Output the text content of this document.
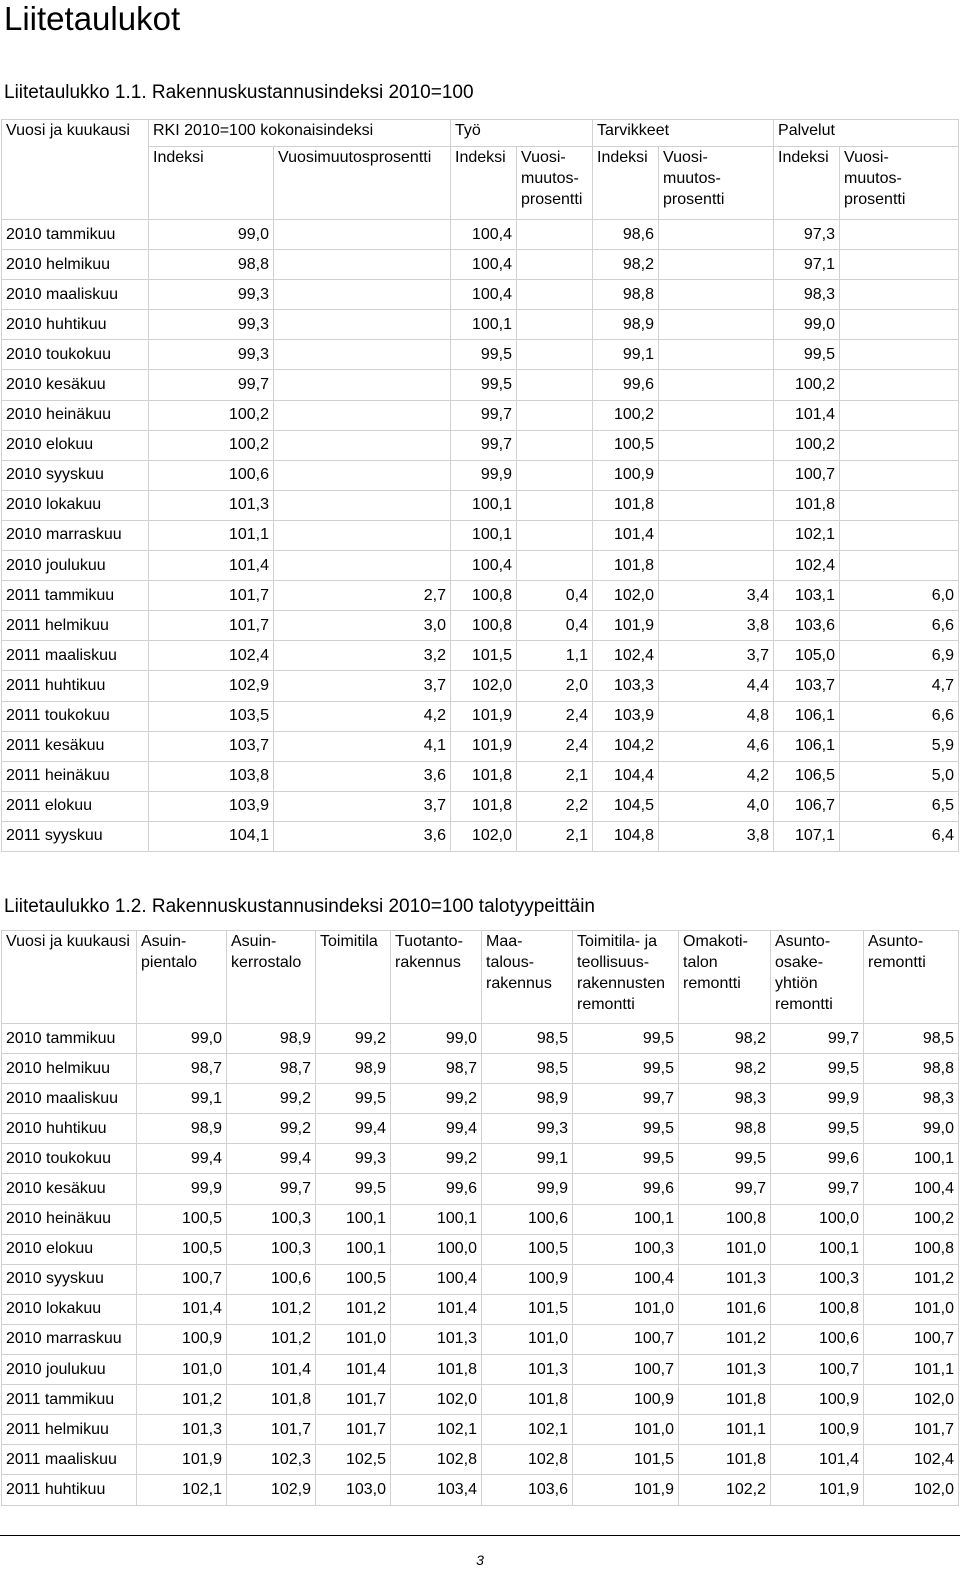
Liitetaulukot
Liitetaulukko 1.1. Rakennuskustannusindeksi 2010=100
Vuosi ja kuukausi	RKI 2010=100 kokonaisindeksi		Työ		Tarvikkeet		Palvelut	
	Indeksi	Vuosimuutosprosentti	Indeksi	Vuosi-
muutos-
prosentti	Indeksi	Vuosi-
muutos-
prosentti	Indeksi	Vuosi-
muutos-
prosentti
2010 tammikuu	99,0		100,4		98,6		97,3	
2010 helmikuu	98,8		100,4		98,2		97,1	
2010 maaliskuu	99,3		100,4		98,8		98,3	
2010 huhtikuu	99,3		100,1		98,9		99,0	
2010 toukokuu	99,3		99,5		99,1		99,5	
2010 kesäkuu	99,7		99,5		99,6		100,2	
2010 heinäkuu	100,2		99,7		100,2		101,4	
2010 elokuu	100,2		99,7		100,5		100,2	
2010 syyskuu	100,6		99,9		100,9		100,7	
2010 lokakuu	101,3		100,1		101,8		101,8	
2010 marraskuu	101,1		100,1		101,4		102,1	
2010 joulukuu	101,4		100,4		101,8		102,4	
2011 tammikuu	101,7	2,7	100,8	0,4	102,0	3,4	103,1	6,0
2011 helmikuu	101,7	3,0	100,8	0,4	101,9	3,8	103,6	6,6
2011 maaliskuu	102,4	3,2	101,5	1,1	102,4	3,7	105,0	6,9
2011 huhtikuu	102,9	3,7	102,0	2,0	103,3	4,4	103,7	4,7
2011 toukokuu	103,5	4,2	101,9	2,4	103,9	4,8	106,1	6,6
2011 kesäkuu	103,7	4,1	101,9	2,4	104,2	4,6	106,1	5,9
2011 heinäkuu	103,8	3,6	101,8	2,1	104,4	4,2	106,5	5,0
2011 elokuu	103,9	3,7	101,8	2,2	104,5	4,0	106,7	6,5
2011 syyskuu	104,1	3,6	102,0	2,1	104,8	3,8	107,1	6,4
Liitetaulukko 1.2. Rakennuskustannusindeksi 2010=100 talotyypeittäin
Vuosi ja kuukausi	Asuin-
pientalo	Asuin-
kerrostalo	Toimitila	Tuotanto-
rakennus	Maa-
talous-
rakennus	Toimitila- ja teollisuus-
rakennusten remontti	Omakoti-
talon remontti	Asunto-
osake-
yhtiön remontti	Asunto-
remontti
2010 tammikuu	99,0	98,9	99,2	99,0	98,5	99,5	98,2	99,7	98,5
2010 helmikuu	98,7	98,7	98,9	98,7	98,5	99,5	98,2	99,5	98,8
2010 maaliskuu	99,1	99,2	99,5	99,2	98,9	99,7	98,3	99,9	98,3
2010 huhtikuu	98,9	99,2	99,4	99,4	99,3	99,5	98,8	99,5	99,0
2010 toukokuu	99,4	99,4	99,3	99,2	99,1	99,5	99,5	99,6	100,1
2010 kesäkuu	99,9	99,7	99,5	99,6	99,9	99,6	99,7	99,7	100,4
2010 heinäkuu	100,5	100,3	100,1	100,1	100,6	100,1	100,8	100,0	100,2
2010 elokuu	100,5	100,3	100,1	100,0	100,5	100,3	101,0	100,1	100,8
2010 syyskuu	100,7	100,6	100,5	100,4	100,9	100,4	101,3	100,3	101,2
2010 lokakuu	101,4	101,2	101,2	101,4	101,5	101,0	101,6	100,8	101,0
2010 marraskuu	100,9	101,2	101,0	101,3	101,0	100,7	101,2	100,6	100,7
2010 joulukuu	101,0	101,4	101,4	101,8	101,3	100,7	101,3	100,7	101,1
2011 tammikuu	101,2	101,8	101,7	102,0	101,8	100,9	101,8	100,9	102,0
2011 helmikuu	101,3	101,7	101,7	102,1	102,1	101,0	101,1	100,9	101,7
2011 maaliskuu	101,9	102,3	102,5	102,8	102,8	101,5	101,8	101,4	102,4
2011 huhtikuu	102,1	102,9	103,0	103,4	103,6	101,9	102,2	101,9	102,0
3
